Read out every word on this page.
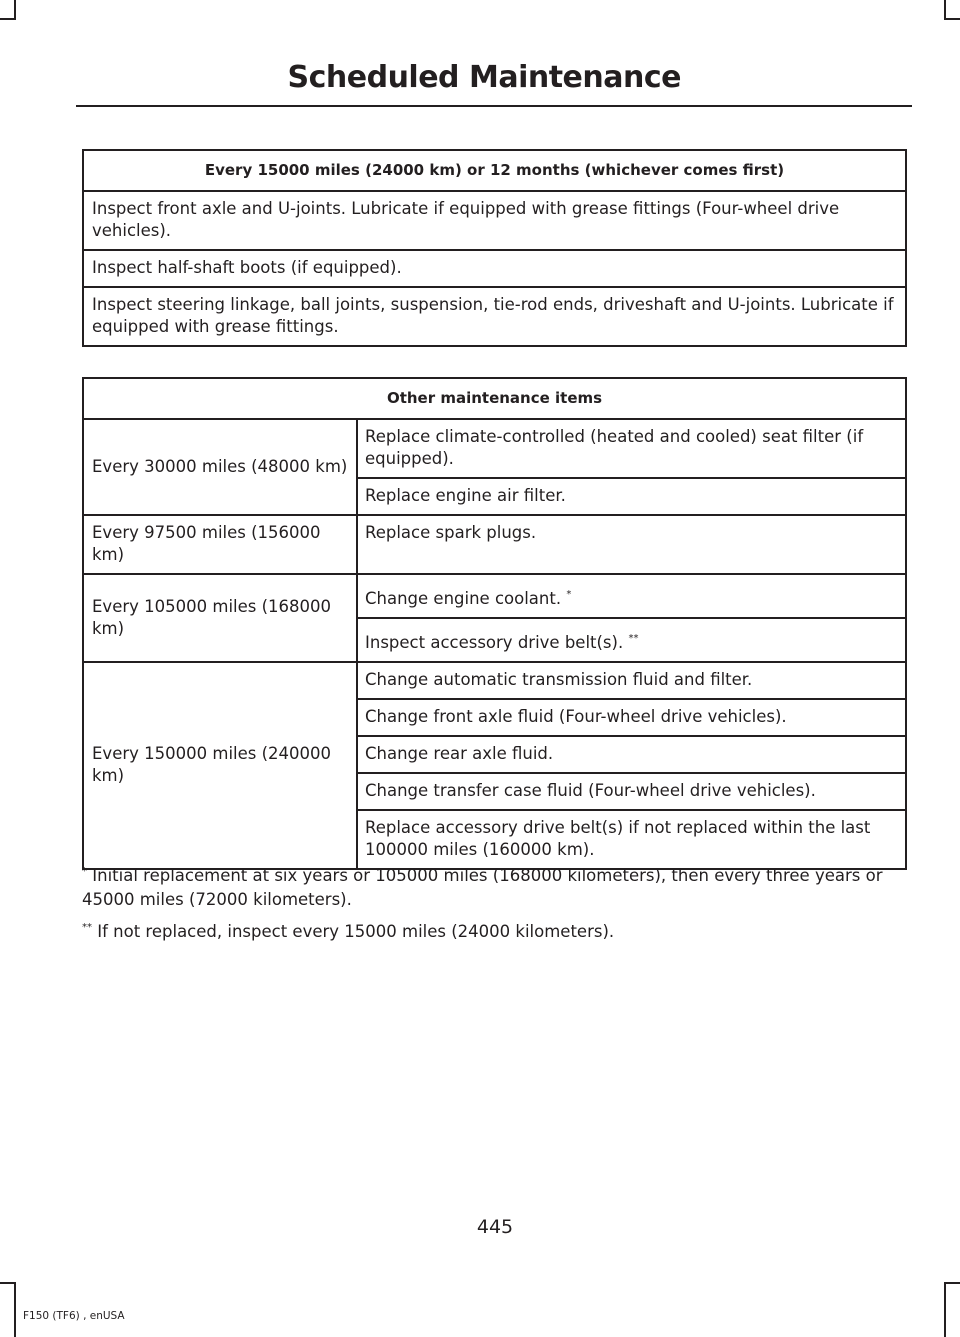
Scheduled Maintenance
Every 15000 miles (24000 km) or 12 months (whichever comes first)
Inspect front axle and U-joints. Lubricate if equipped with grease fittings (Four-wheel drive vehicles).
Inspect half-shaft boots (if equipped).
Inspect steering linkage, ball joints, suspension, tie-rod ends, driveshaft and U-joints. Lubricate if equipped with grease fittings.
Other maintenance items	
Every 30000 miles (48000 km)	Replace climate-controlled (heated and cooled) seat filter (if equipped).
	Replace engine air filter.
Every 97500 miles (156000 km)	Replace spark plugs.
Every 105000 miles (168000 km)	Change engine coolant. *
	Inspect accessory drive belt(s). **
Every 150000 miles (240000 km)	Change automatic transmission fluid and filter.
	Change front axle fluid (Four-wheel drive vehicles).
	Change rear axle fluid.
	Change transfer case fluid (Four-wheel drive vehicles).
	Replace accessory drive belt(s) if not replaced within the last 100000 miles (160000 km).

* Initial replacement at six years or 105000 miles (168000 kilometers), then every three years or 45000 miles (72000 kilometers).

** If not replaced, inspect every 15000 miles (24000 kilometers).

445
F150 (TF6) , enUSA
